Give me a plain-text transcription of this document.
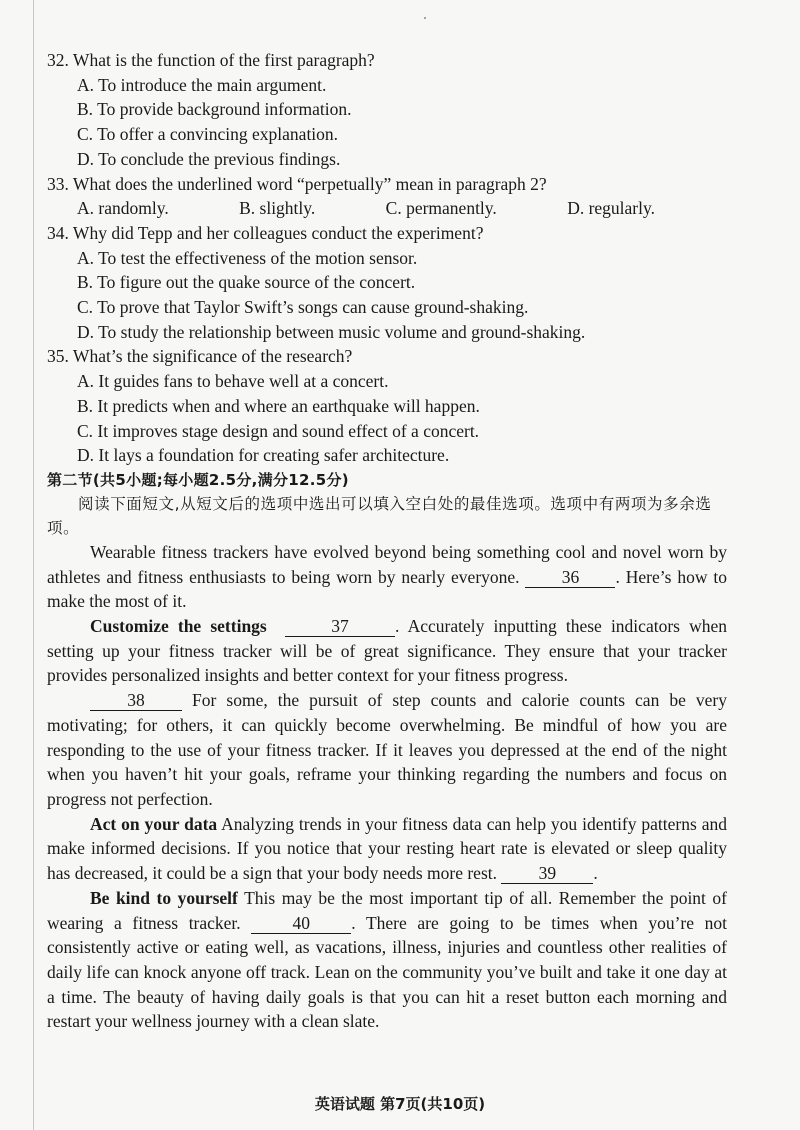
32. What is the function of the first paragraph?

A. To introduce the main argument.

B. To provide background information.

C. To offer a convincing explanation.

D. To conclude the previous findings.

33. What does the underlined word “perpetually” mean in paragraph 2?

A. randomly.	B. slightly.	C. permanently.	D. regularly.

34. Why did Tepp and her colleagues conduct the experiment?

A. To test the effectiveness of the motion sensor.

B. To figure out the quake source of the concert.

C. To prove that Taylor Swift’s songs can cause ground-shaking.

D. To study the relationship between music volume and ground-shaking.

35. What’s the significance of the research?

A. It guides fans to behave well at a concert.

B. It predicts when and where an earthquake will happen.

C. It improves stage design and sound effect of a concert.

D. It lays a foundation for creating safer architecture.

第二节(共5小题;每小题2.5分,满分12.5分)

阅读下面短文,从短文后的选项中选出可以填入空白处的最佳选项。选项中有两项为多余选项。

Wearable fitness trackers have evolved beyond being something cool and novel worn by athletes and fitness enthusiasts to being worn by nearly everyone. 36 . Here’s how to make the most of it.

Customize the settings	37	. Accurately inputting these indicators when setting up your fitness tracker will be of great significance. They ensure that your tracker provides personalized insights and better context for your fitness progress.

38	For some, the pursuit of step counts and calorie counts can be very motivating; for others, it can quickly become overwhelming. Be mindful of how you are responding to the use of your fitness tracker. If it leaves you depressed at the end of the night when you haven’t hit your goals, reframe your thinking regarding the numbers and focus on progress not perfection.

Act on your data Analyzing trends in your fitness data can help you identify patterns and make informed decisions. If you notice that your resting heart rate is elevated or sleep quality has decreased, it could be a sign that your body needs more rest. 39 .

Be kind to yourself This may be the most important tip of all. Remember the point of wearing a fitness tracker.	40 . There are going to be times when you’re not consistently active or eating well, as vacations, illness, injuries and countless other realities of daily life can knock anyone off track. Lean on the community you’ve built and take it one day at a time. The beauty of having daily goals is that you can hit a reset button each morning and restart your wellness journey with a clean slate.

英语试题 第7页(共10页)
